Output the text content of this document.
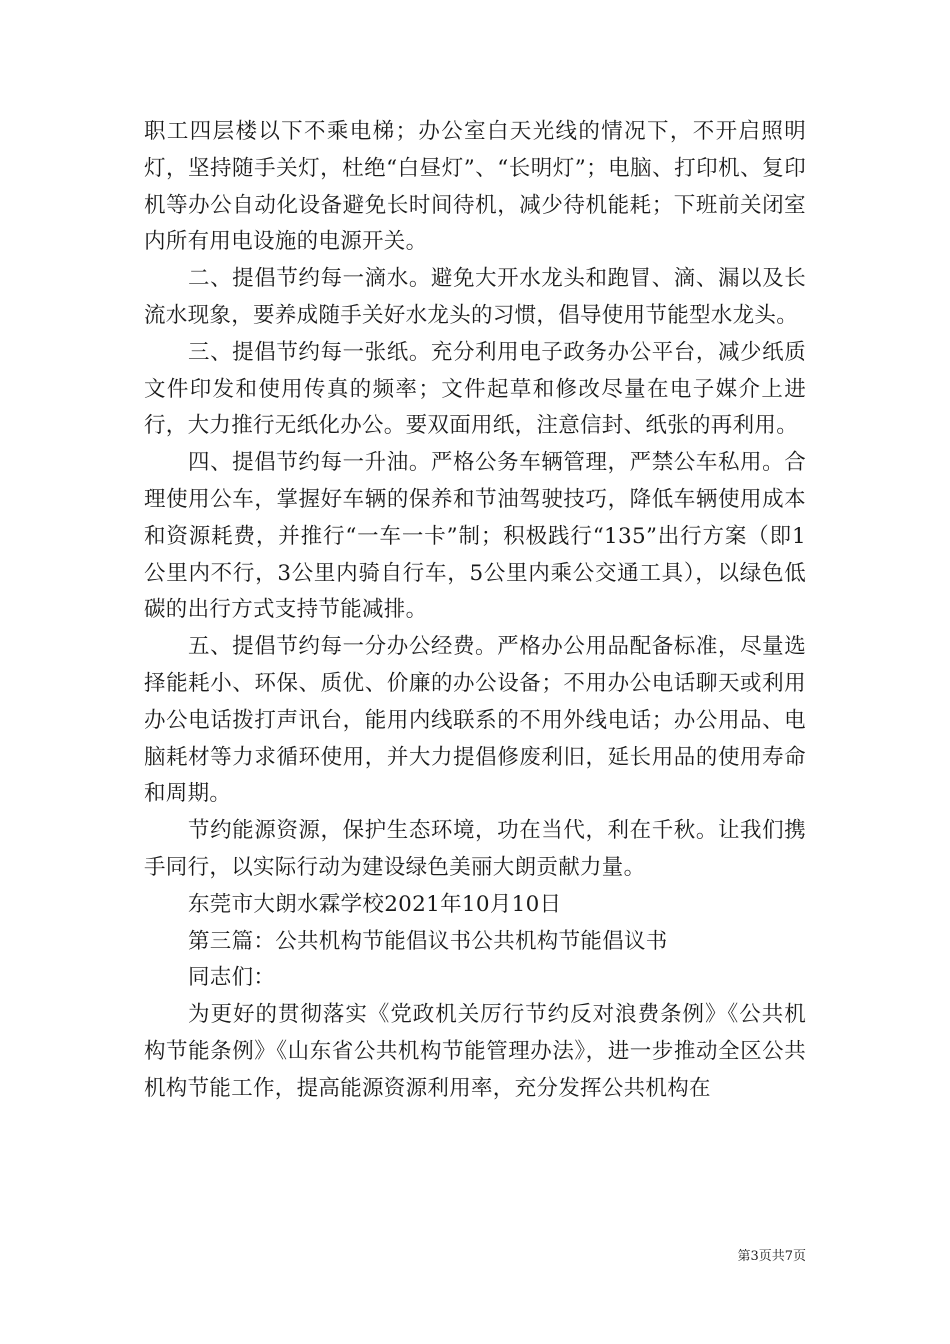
职工四层楼以下不乘电梯；办公室白天光线的情况下，不开启照明灯，坚持随手关灯，杜绝“白昼灯”、“长明灯”；电脑、打印机、复印机等办公自动化设备避免长时间待机，减少待机能耗；下班前关闭室内所有用电设施的电源开关。

二、提倡节约每一滴水。避免大开水龙头和跑冒、滴、漏以及长流水现象，要养成随手关好水龙头的习惯，倡导使用节能型水龙头。

三、提倡节约每一张纸。充分利用电子政务办公平台，减少纸质文件印发和使用传真的频率；文件起草和修改尽量在电子媒介上进行，大力推行无纸化办公。要双面用纸，注意信封、纸张的再利用。

四、提倡节约每一升油。严格公务车辆管理，严禁公车私用。合理使用公车，掌握好车辆的保养和节油驾驶技巧，降低车辆使用成本和资源耗费，并推行“一车一卡”制；积极践行“135”出行方案（即1公里内不行，3公里内骑自行车，5公里内乘公交通工具），以绿色低碳的出行方式支持节能减排。

五、提倡节约每一分办公经费。严格办公用品配备标准，尽量选择能耗小、环保、质优、价廉的办公设备；不用办公电话聊天或利用办公电话拨打声讯台，能用内线联系的不用外线电话；办公用品、电脑耗材等力求循环使用，并大力提倡修废利旧，延长用品的使用寿命和周期。

节约能源资源，保护生态环境，功在当代，利在千秋。让我们携手同行，以实际行动为建设绿色美丽大朗贡献力量。

东莞市大朗水霖学校2021年10月10日

第三篇：公共机构节能倡议书公共机构节能倡议书

同志们：

为更好的贯彻落实《党政机关厉行节约反对浪费条例》《公共机构节能条例》《山东省公共机构节能管理办法》，进一步推动全区公共机构节能工作，提高能源资源利用率，充分发挥公共机构在

第3页共7页
